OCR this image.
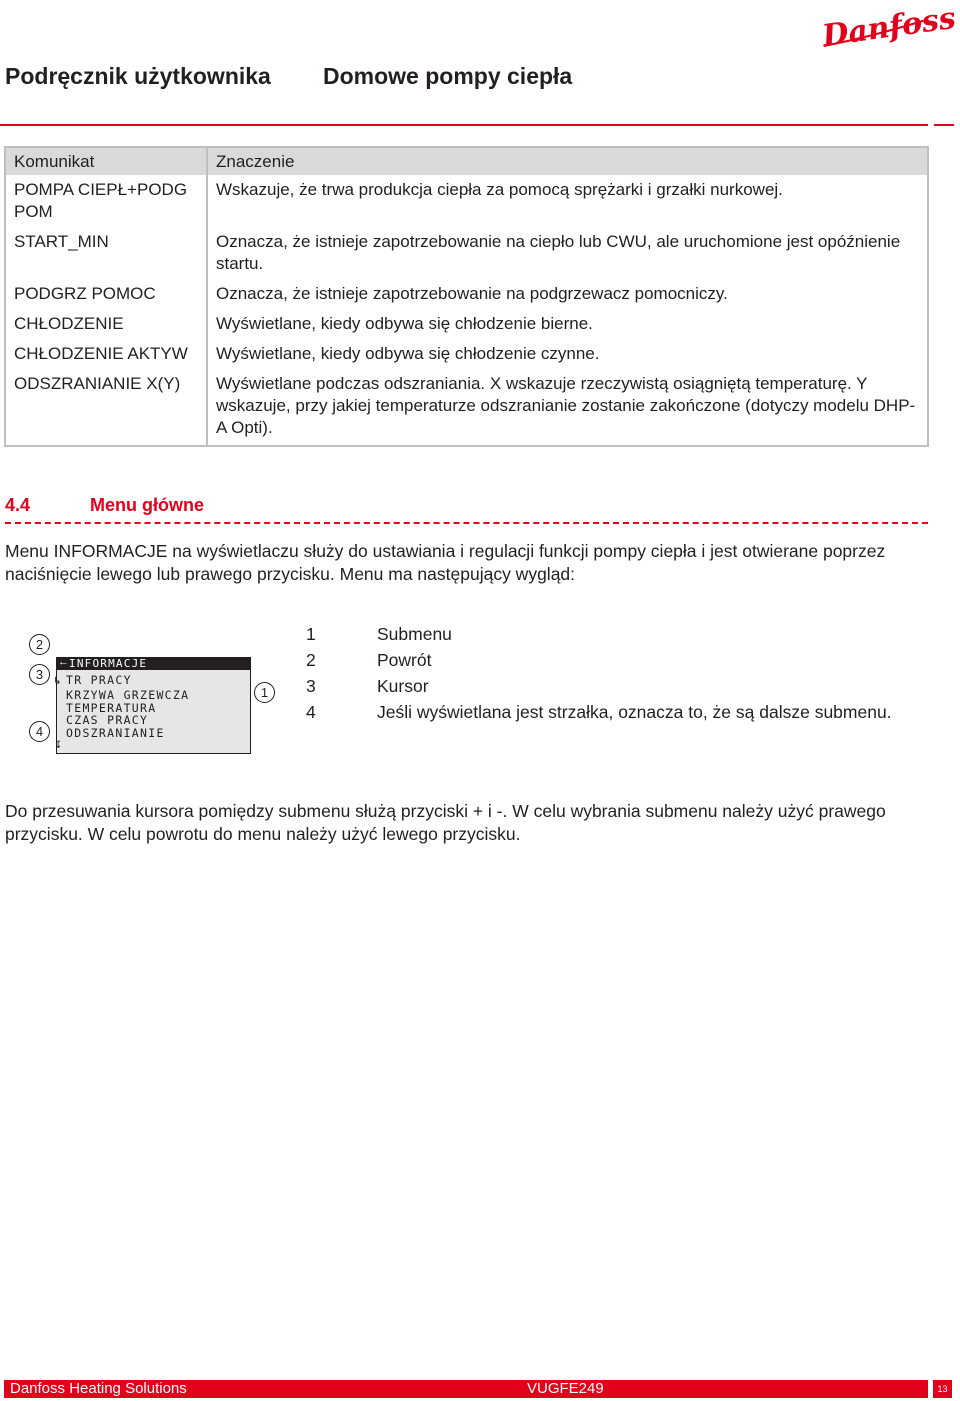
Danfoss
Podręcznik użytkownika Domowe pompy ciepła
Komunikat	Znaczenie
POMPA CIEPŁ+PODG POM	Wskazuje, że trwa produkcja ciepła za pomocą sprężarki i grzałki nurkowej.
START_MIN	Oznacza, że istnieje zapotrzebowanie na ciepło lub CWU, ale uruchomione jest opóźnienie startu.
PODGRZ POMOC	Oznacza, że istnieje zapotrzebowanie na podgrzewacz pomocniczy.
CHŁODZENIE	Wyświetlane, kiedy odbywa się chłodzenie bierne.
CHŁODZENIE AKTYW	Wyświetlane, kiedy odbywa się chłodzenie czynne.
ODSZRANIANIE X(Y)	Wyświetlane podczas odszraniania. X wskazuje rzeczywistą osiągniętą temperaturę. Y wskazuje, przy jakiej temperaturze odszranianie zostanie zakończone (dotyczy modelu DHP-A Opti).
4.4	Menu główne
Menu INFORMACJE na wyświetlaczu służy do ustawiania i regulacji funkcji pompy ciepła i jest otwierane poprzez naciśnięcie lewego lub prawego przycisku. Menu ma następujący wygląd:
2
3
4
1
← INFORMACJE
↳ TR PRACY
KRZYWA GRZEWCZA
TEMPERATURA
CZAS PRACY
ODSZRANIANIE
↧
1	Submenu
2	Powrót
3	Kursor
4	Jeśli wyświetlana jest strzałka, oznacza to, że są dalsze submenu.
Do przesuwania kursora pomiędzy submenu służą przyciski + i -. W celu wybrania submenu należy użyć prawego przycisku. W celu powrotu do menu należy użyć lewego przycisku.
Danfoss Heating Solutions	VUGFE249	13
